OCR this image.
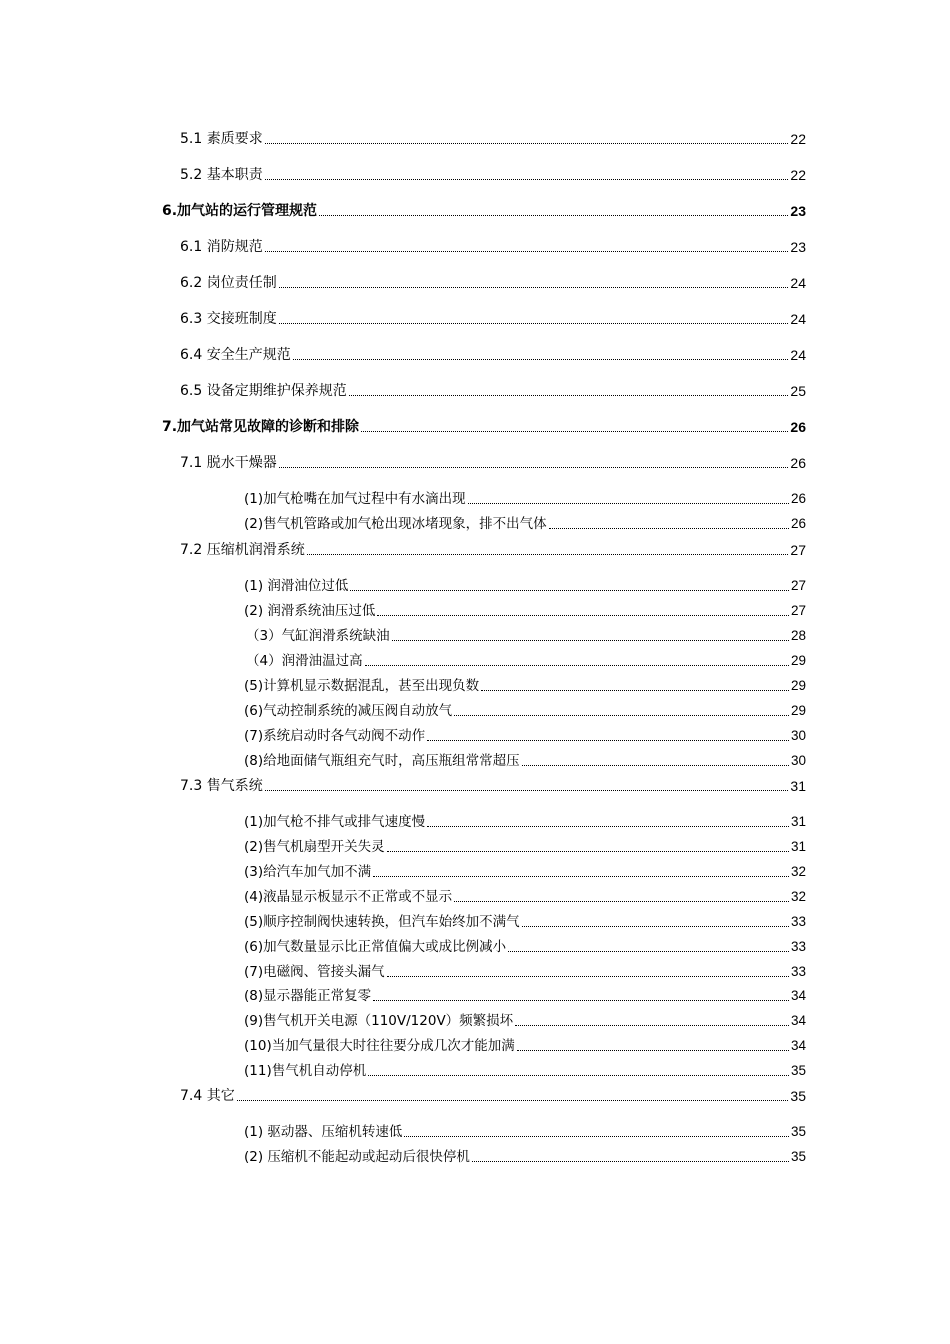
5.1 素质要求	22
5.2 基本职责	22
6.加气站的运行管理规范	23
6.1 消防规范	23
6.2 岗位责任制	24
6.3 交接班制度	24
6.4 安全生产规范	24
6.5 设备定期维护保养规范	25
7.加气站常见故障的诊断和排除	26
7.1 脱水干燥器	26
(1)加气枪嘴在加气过程中有水滴出现	26
(2)售气机管路或加气枪出现冰堵现象，排不出气体	26
7.2 压缩机润滑系统	27
(1) 润滑油位过低	27
(2) 润滑系统油压过低	27
（3）气缸润滑系统缺油	28
（4）润滑油温过高	29
(5)计算机显示数据混乱，甚至出现负数	29
(6)气动控制系统的减压阀自动放气	29
(7)系统启动时各气动阀不动作	30
(8)给地面储气瓶组充气时，高压瓶组常常超压	30
7.3 售气系统	31
(1)加气枪不排气或排气速度慢	31
(2)售气机扇型开关失灵	31
(3)给汽车加气加不满	32
(4)液晶显示板显示不正常或不显示	32
(5)顺序控制阀快速转换，但汽车始终加不满气	33
(6)加气数量显示比正常值偏大或成比例减小	33
(7)电磁阀、管接头漏气	33
(8)显示器能正常复零	34
(9)售气机开关电源（110V/120V）频繁损坏	34
(10)当加气量很大时往往要分成几次才能加满	34
(11)售气机自动停机	35
7.4 其它	35
(1) 驱动器、压缩机转速低	35
(2) 压缩机不能起动或起动后很快停机	35
